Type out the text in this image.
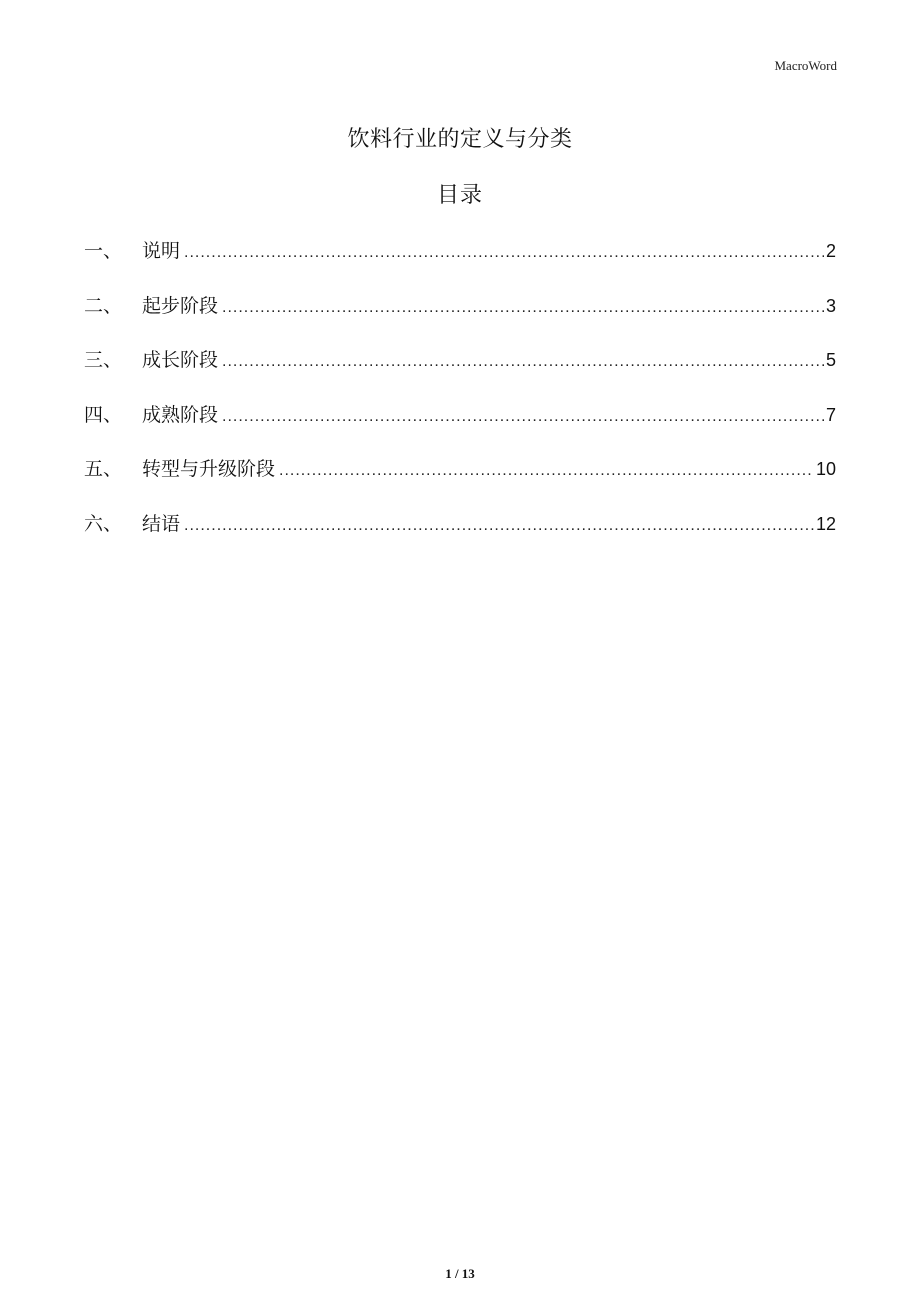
MacroWord
饮料行业的定义与分类
目录
一、	说明 .....	2
二、	起步阶段 .....	3
三、	成长阶段 .....	5
四、	成熟阶段 .....	7
五、	转型与升级阶段 .....	10
六、	结语 .....	12
1 / 13
